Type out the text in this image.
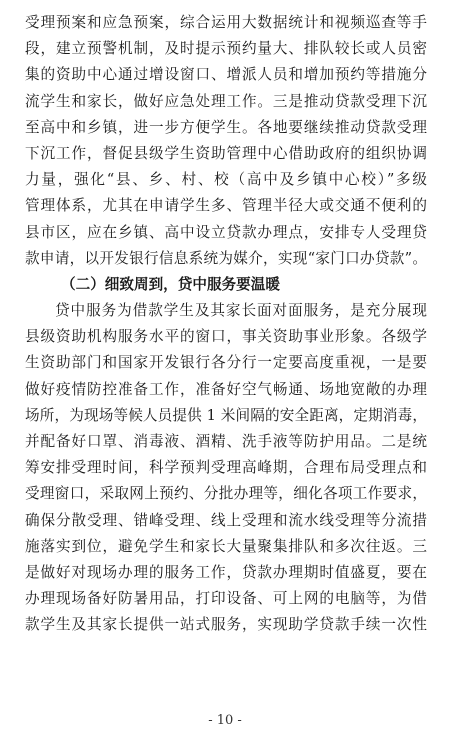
受理预案和应急预案，综合运用大数据统计和视频巡查等手
段，建立预警机制，及时提示预约量大、排队较长或人员密
集的资助中心通过增设窗口、增派人员和增加预约等措施分
流学生和家长，做好应急处理工作。三是推动贷款受理下沉
至高中和乡镇，进一步方便学生。各地要继续推动贷款受理
下沉工作，督促县级学生资助管理中心借助政府的组织协调
力量，强化“县、乡、村、校（高中及乡镇中心校）”多级
管理体系，尤其在申请学生多、管理半径大或交通不便利的
县市区，应在乡镇、高中设立贷款办理点，安排专人受理贷
款申请，以开发银行信息系统为媒介，实现“家门口办贷款”。
（二）细致周到，贷中服务要温暖
贷中服务为借款学生及其家长面对面服务，是充分展现
县级资助机构服务水平的窗口，事关资助事业形象。各级学
生资助部门和国家开发银行各分行一定要高度重视，一是要
做好疫情防控准备工作，准备好空气畅通、场地宽敞的办理
场所，为现场等候人员提供 1 米间隔的安全距离，定期消毒，
并配备好口罩、消毒液、酒精、洗手液等防护用品。二是统
筹安排受理时间，科学预判受理高峰期，合理布局受理点和
受理窗口，采取网上预约、分批办理等，细化各项工作要求，
确保分散受理、错峰受理、线上受理和流水线受理等分流措
施落实到位，避免学生和家长大量聚集排队和多次往返。三
是做好对现场办理的服务工作，贷款办理期时值盛夏，要在
办理现场备好防暑用品，打印设备、可上网的电脑等，为借
款学生及其家长提供一站式服务，实现助学贷款手续一次性
- 10 -
